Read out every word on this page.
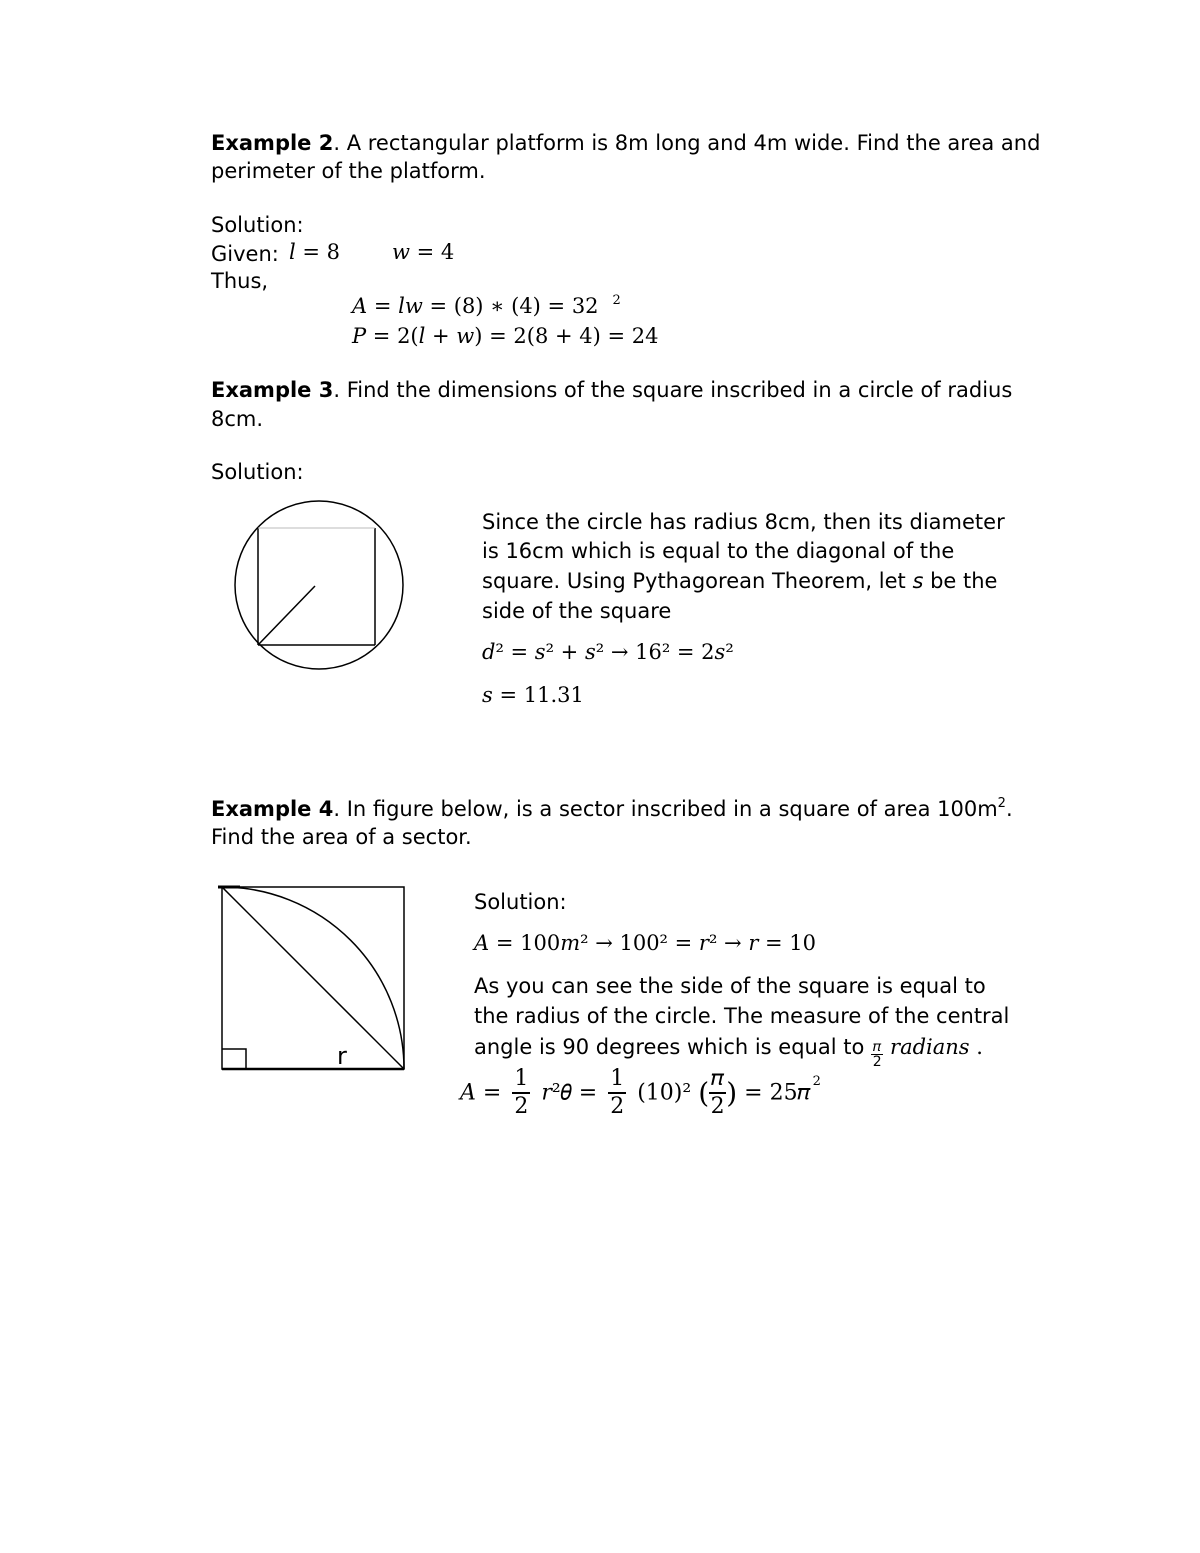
Example 2. A rectangular platform is 8m long and 4m wide. Find the area and
perimeter of the platform.
Solution:
Given: 𝑙 = 8 𝑤 = 4
Thus,
𝐴 = 𝑙𝑤 = (8) ∗ (4) = 32 $^2$
𝑃 = 2(𝑙 + 𝑤) = 2(8 + 4) = 24
Example 3. Find the dimensions of the square inscribed in a circle of radius
8cm.
Solution:
Since the circle has radius 8cm, then its diameter
is 16cm which is equal to the diagonal of the
square. Using Pythagorean Theorem, let s be the
side of the square
𝑑² = 𝑠² + 𝑠² → 16² = 2𝑠²
𝑠 = 11.31
Example 4. In figure below, is a sector inscribed in a square of area $100m^2$.
Find the area of a sector.
r
Solution:
𝐴 = 100𝑚² → 100² = 𝑟² → 𝑟 = 10
As you can see the side of the square is equal to
the radius of the circle. The measure of the central
angle is 90 degrees which is equal to $\frac{\text{𝜋}}{2}$ 𝑟𝑎𝑑𝑖𝑎𝑛𝑠 .
𝐴 = $\frac{1}{2}$ 𝑟²𝜃 = $\frac{1}{2} (10)^2$ ( $\frac{\text{𝜋}}{2}$ ) = 25𝜋 $^2$
